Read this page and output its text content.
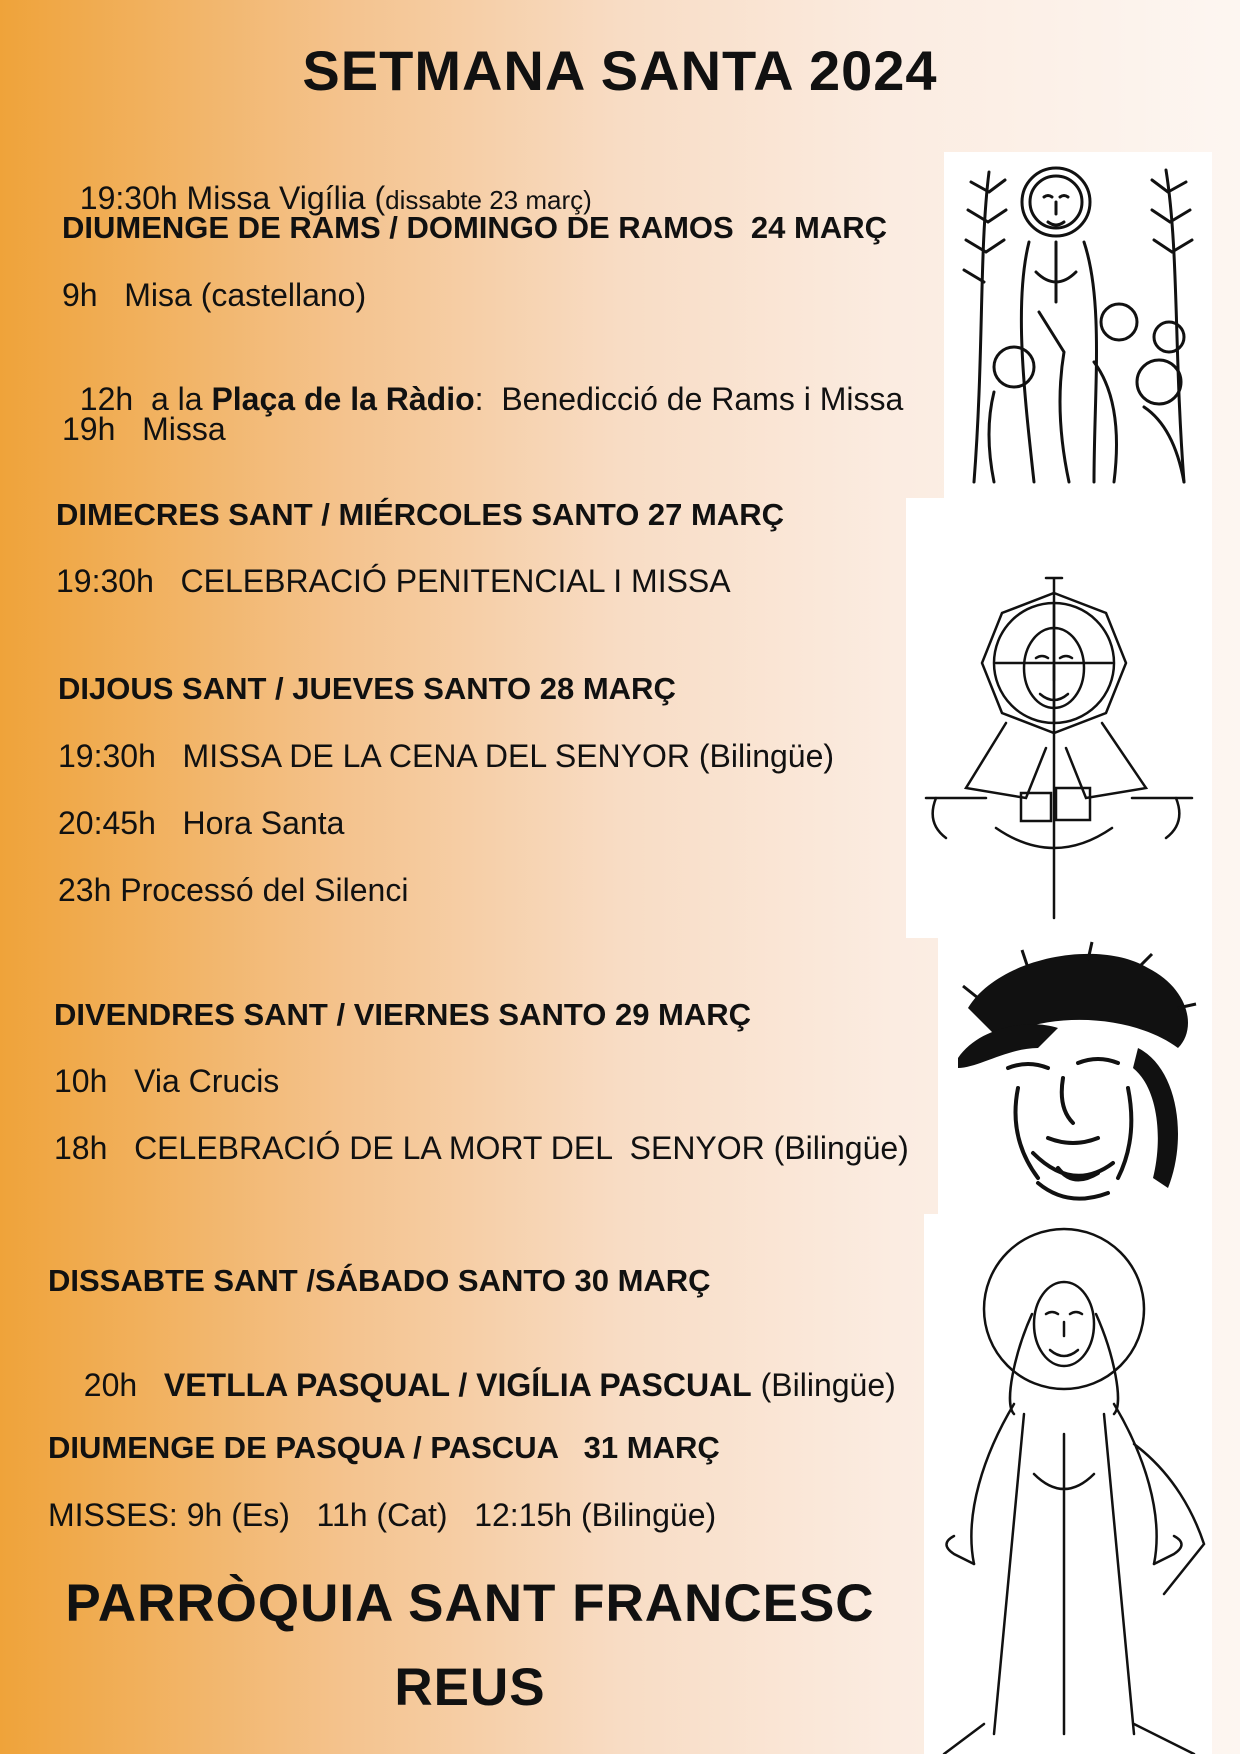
SETMANA SANTA 2024

19:30h Missa Vigília (dissabte 23 març)

DIUMENGE DE RAMS / DOMINGO DE RAMOS  24 MARÇ
9h   Misa (castellano)

12h  a la Plaça de la Ràdio:  Benedicció de Rams i Missa

19h   Missa
DIMECRES SANT / MIÉRCOLES SANTO 27 MARÇ
19:30h   CELEBRACIÓ PENITENCIAL I MISSA
DIJOUS SANT / JUEVES SANTO 28 MARÇ
19:30h   MISSA DE LA CENA DEL SENYOR (Bilingüe)
20:45h   Hora Santa
23h Processó del Silenci
DIVENDRES SANT / VIERNES SANTO 29 MARÇ
10h   Via Crucis
18h   CELEBRACIÓ DE LA MORT DEL  SENYOR (Bilingüe)
DISSABTE SANT /SÁBADO SANTO 30 MARÇ

20h   VETLLA PASQUAL / VIGÍLIA PASCUAL (Bilingüe)

DIUMENGE DE PASQUA / PASCUA   31 MARÇ
MISSES: 9h (Es)   11h (Cat)   12:15h (Bilingüe)
PARRÒQUIA SANT FRANCESC
REUS
